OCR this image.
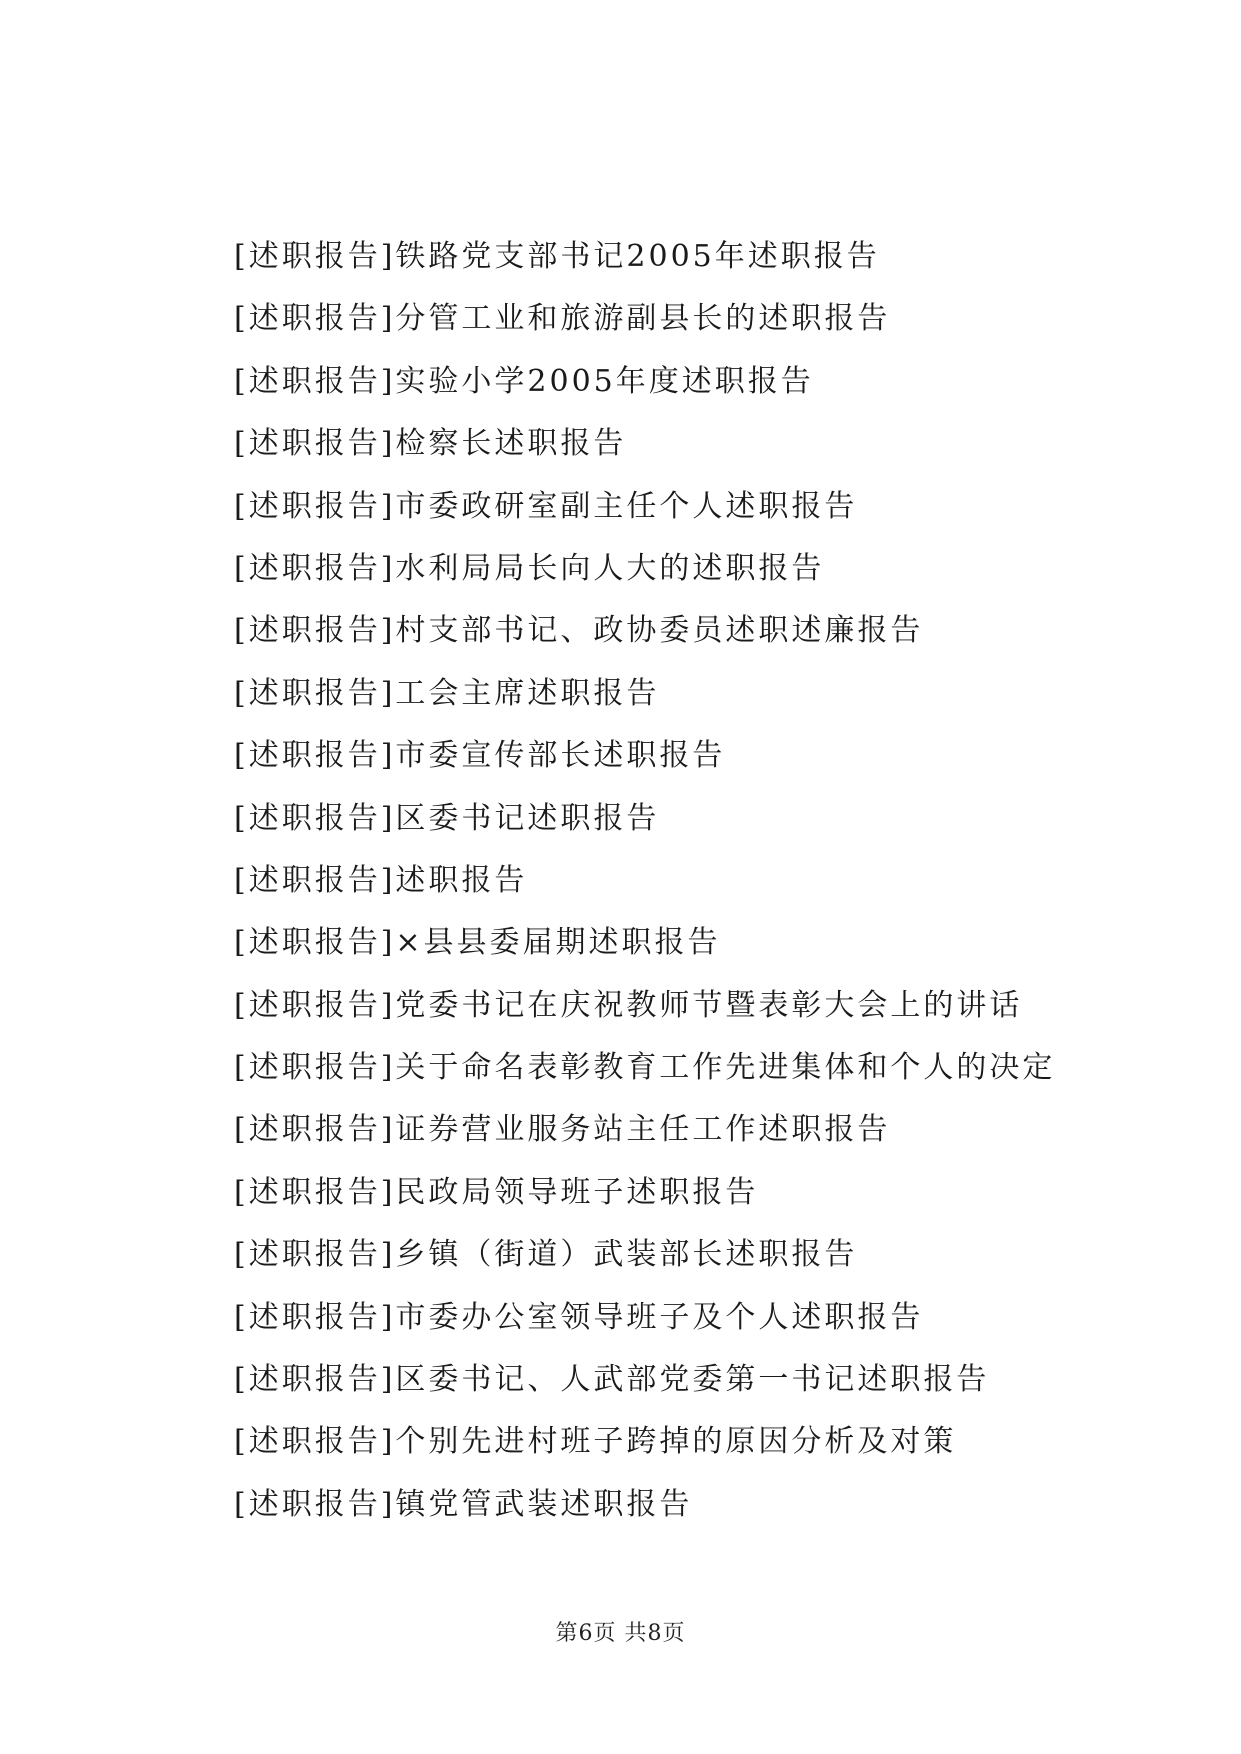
[述职报告]铁路党支部书记2005年述职报告
[述职报告]分管工业和旅游副县长的述职报告
[述职报告]实验小学2005年度述职报告
[述职报告]检察长述职报告
[述职报告]市委政研室副主任个人述职报告
[述职报告]水利局局长向人大的述职报告
[述职报告]村支部书记、政协委员述职述廉报告
[述职报告]工会主席述职报告
[述职报告]市委宣传部长述职报告
[述职报告]区委书记述职报告
[述职报告]述职报告
[述职报告]×县县委届期述职报告
[述职报告]党委书记在庆祝教师节暨表彰大会上的讲话
[述职报告]关于命名表彰教育工作先进集体和个人的决定
[述职报告]证券营业服务站主任工作述职报告
[述职报告]民政局领导班子述职报告
[述职报告]乡镇（街道）武装部长述职报告
[述职报告]市委办公室领导班子及个人述职报告
[述职报告]区委书记、人武部党委第一书记述职报告
[述职报告]个别先进村班子跨掉的原因分析及对策
[述职报告]镇党管武装述职报告
第6页 共8页
